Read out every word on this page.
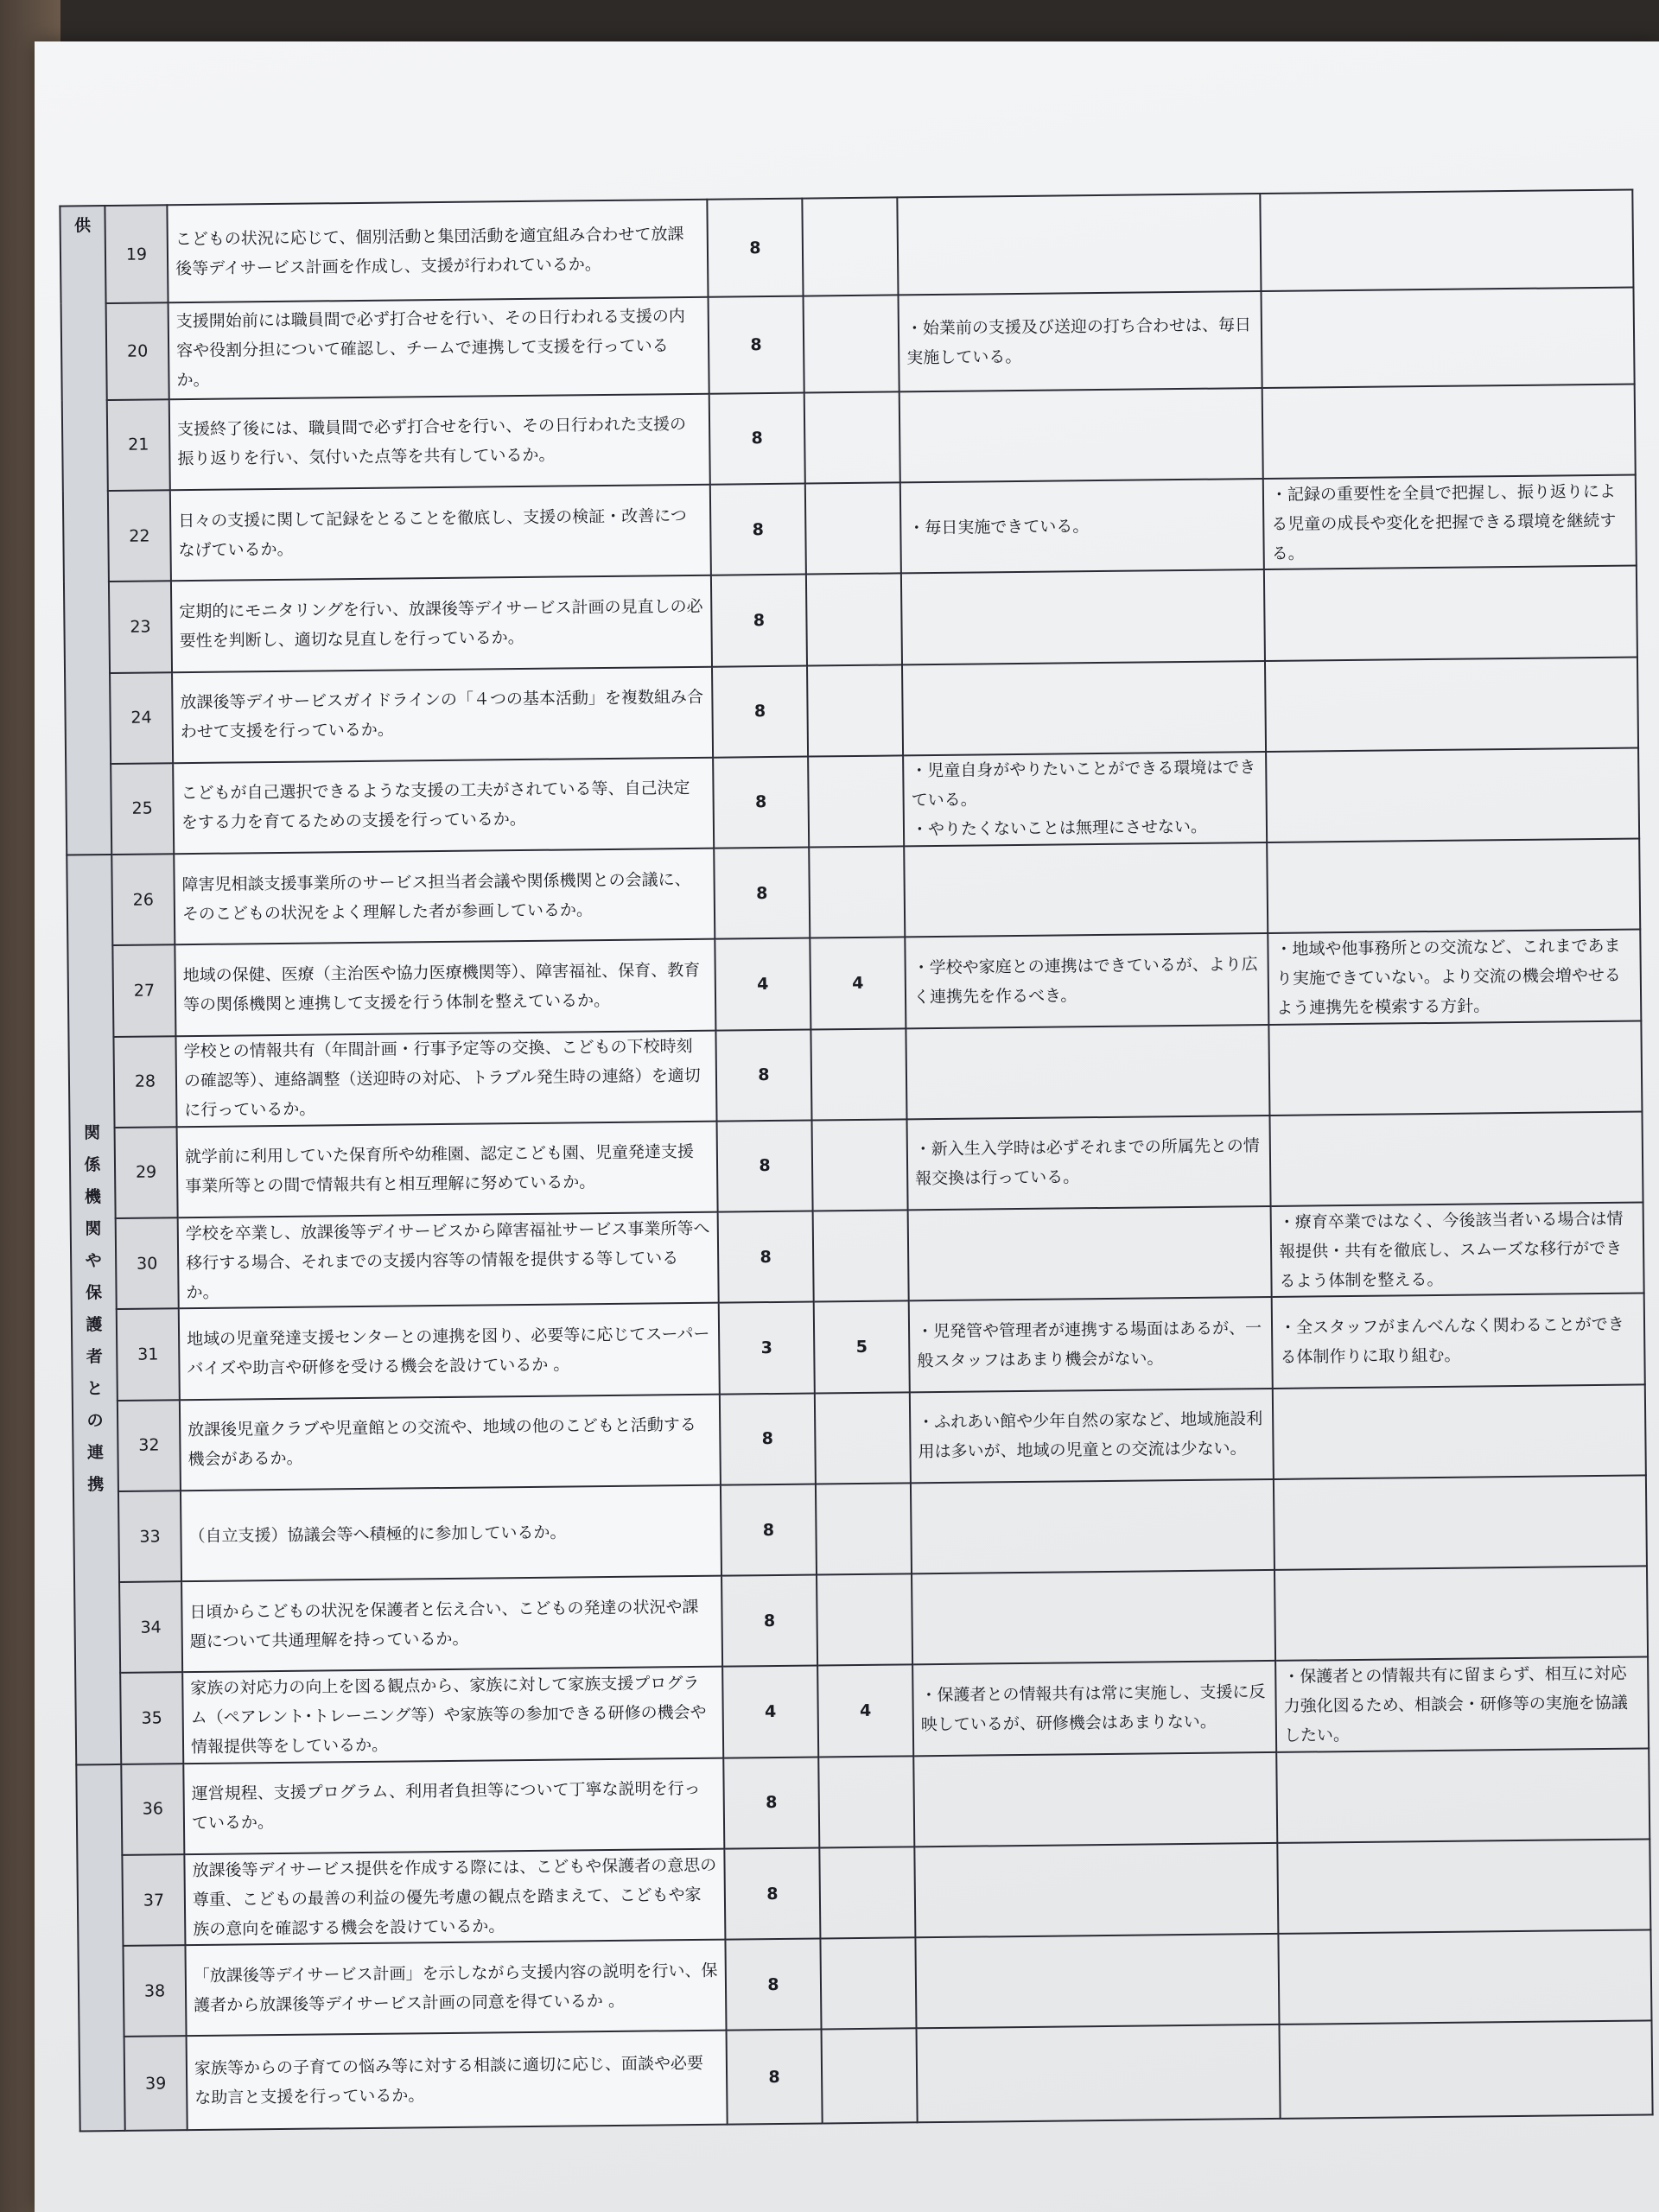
供	19	こどもの状況に応じて、個別活動と集団活動を適宜組み合わせて放課後等デイサービス計画を作成し、支援が行われているか。	8			
	20	支援開始前には職員間で必ず打合せを行い、その日行われる支援の内容や役割分担について確認し、チームで連携して支援を行っているか。	8		・始業前の支援及び送迎の打ち合わせは、毎日実施している。	
	21	支援終了後には、職員間で必ず打合せを行い、その日行われた支援の振り返りを行い、気付いた点等を共有しているか。	8			
	22	日々の支援に関して記録をとることを徹底し、支援の検証・改善につなげているか。	8		・毎日実施できている。	・記録の重要性を全員で把握し、振り返りによる児童の成長や変化を把握できる環境を継続する。
	23	定期的にモニタリングを行い、放課後等デイサービス計画の見直しの必要性を判断し、適切な見直しを行っているか。	8			
	24	放課後等デイサービスガイドラインの「４つの基本活動」を複数組み合わせて支援を行っているか。	8			
	25	こどもが自己選択できるような支援の工夫がされている等、自己決定をする力を育てるための支援を行っているか。	8		・児童自身がやりたいことができる環境はできている。
・やりたくないことは無理にさせない。	
関係機関や保護者との連携	26	障害児相談支援事業所のサービス担当者会議や関係機関との会議に、そのこどもの状況をよく理解した者が参画しているか。	8			
	27	地域の保健、医療（主治医や協力医療機関等）、障害福祉、保育、教育等の関係機関と連携して支援を行う体制を整えているか。	4	4	・学校や家庭との連携はできているが、より広く連携先を作るべき。	・地域や他事務所との交流など、これまであまり実施できていない。より交流の機会増やせるよう連携先を模索する方針。
	28	学校との情報共有（年間計画・行事予定等の交換、こどもの下校時刻の確認等）、連絡調整（送迎時の対応、トラブル発生時の連絡）を適切に行っているか。	8			
	29	就学前に利用していた保育所や幼稚園、認定こども園、児童発達支援事業所等との間で情報共有と相互理解に努めているか。	8		・新入生入学時は必ずそれまでの所属先との情報交換は行っている。	
	30	学校を卒業し、放課後等デイサービスから障害福祉サービス事業所等へ移行する場合、それまでの支援内容等の情報を提供する等しているか。	8			・療育卒業ではなく、今後該当者いる場合は情報提供・共有を徹底し、スムーズな移行ができるよう体制を整える。
	31	地域の児童発達支援センターとの連携を図り、必要等に応じてスーパーバイズや助言や研修を受ける機会を設けているか 。	3	5	・児発管や管理者が連携する場面はあるが、一般スタッフはあまり機会がない。	・全スタッフがまんべんなく関わることができる体制作りに取り組む。
	32	放課後児童クラブや児童館との交流や、地域の他のこどもと活動する機会があるか。	8		・ふれあい館や少年自然の家など、地域施設利用は多いが、地域の児童との交流は少ない。	
	33	（自立支援）協議会等へ積極的に参加しているか。	8			
	34	日頃からこどもの状況を保護者と伝え合い、こどもの発達の状況や課題について共通理解を持っているか。	8			
	35	家族の対応力の向上を図る観点から、家族に対して家族支援プログラム（ペアレント･トレーニング等）や家族等の参加できる研修の機会や情報提供等をしているか。	4	4	・保護者との情報共有は常に実施し、支援に反映しているが、研修機会はあまりない。	・保護者との情報共有に留まらず、相互に対応力強化図るため、相談会・研修等の実施を協議したい。
	36	運営規程、支援プログラム、利用者負担等について丁寧な説明を行っているか。	8			
	37	放課後等デイサービス提供を作成する際には、こどもや保護者の意思の尊重、こどもの最善の利益の優先考慮の観点を踏まえて、こどもや家族の意向を確認する機会を設けているか。	8			
	38	「放課後等デイサービス計画」を示しながら支援内容の説明を行い、保護者から放課後等デイサービス計画の同意を得ているか 。	8			
	39	家族等からの子育ての悩み等に対する相談に適切に応じ、面談や必要な助言と支援を行っているか。	8			
